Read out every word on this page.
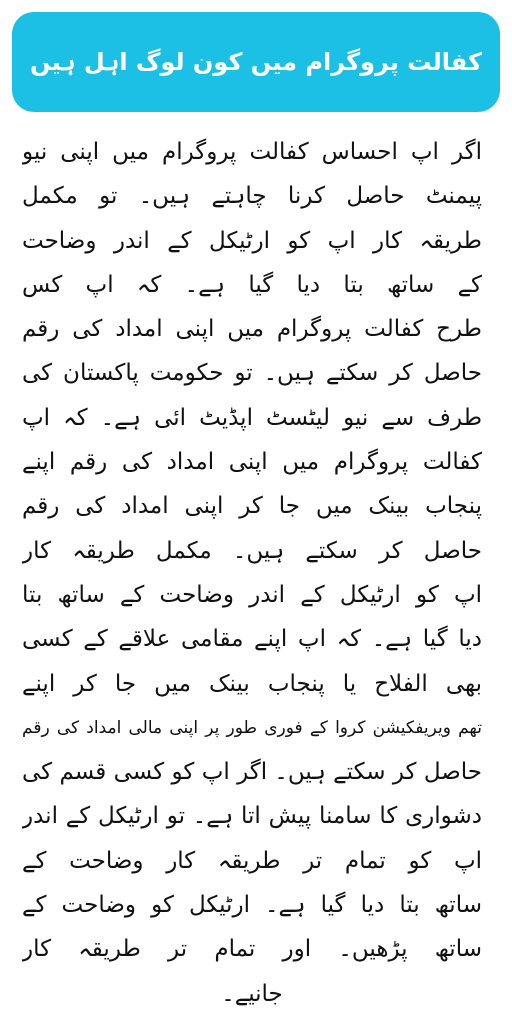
کفالت پروگرام میں کون لوگ اہل ہیں
اگر اپ احساس کفالت پروگرام میں اپنی نیو
پیمنٹ حاصل کرنا چاہتے ہیں۔ تو مکمل
طریقہ کار اپ کو ارٹیکل کے اندر وضاحت
کے ساتھ بتا دیا گیا ہے۔ کہ اپ کس
طرح کفالت پروگرام میں اپنی امداد کی رقم
حاصل کر سکتے ہیں۔ تو حکومت پاکستان کی
طرف سے نیو لیٹسٹ اپڈیٹ ائی ہے۔ کہ اپ
کفالت پروگرام میں اپنی امداد کی رقم اپنے
پنجاب بینک میں جا کر اپنی امداد کی رقم
حاصل کر سکتے ہیں۔ مکمل طریقہ کار
اپ کو ارٹیکل کے اندر وضاحت کے ساتھ بتا
دیا گیا ہے۔ کہ اپ اپنے مقامی علاقے کے کسی
بھی الفلاح یا پنجاب بینک میں جا کر اپنے
تھم ویریفکیشن کروا کے فوری طور پر اپنی مالی امداد کی رقم
حاصل کر سکتے ہیں۔ اگر اپ کو کسی قسم کی
دشواری کا سامنا پیش اتا ہے۔ تو ارٹیکل کے اندر
اپ کو تمام تر طریقہ کار وضاحت کے
ساتھ بتا دیا گیا ہے۔ ارٹیکل کو وضاحت کے
ساتھ پڑھیں۔ اور تمام تر طریقہ کار
جانیے۔
